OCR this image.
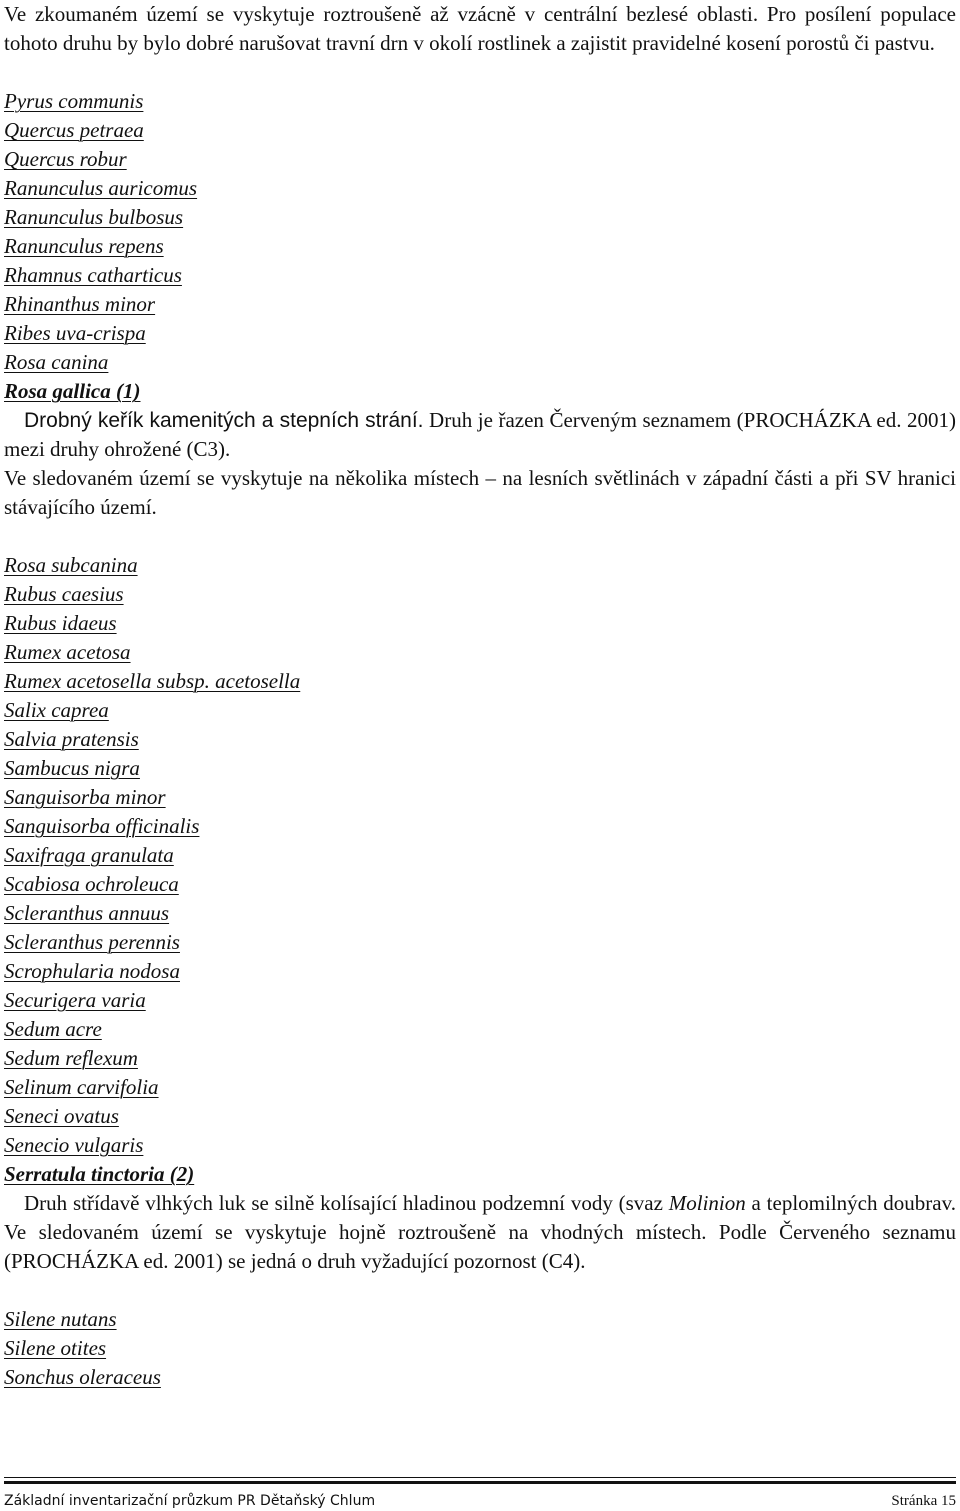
Ve zkoumaném území se vyskytuje roztroušeně až vzácně v centrální bezlesé oblasti. Pro posílení populace tohoto druhu by bylo dobré narušovat travní drn v okolí rostlinek a zajistit pravidelné kosení porostů či pastvu.

Pyrus communis
Quercus petraea
Quercus robur
Ranunculus auricomus
Ranunculus bulbosus
Ranunculus repens
Rhamnus catharticus
Rhinanthus minor
Ribes uva-crispa
Rosa canina
Rosa gallica (1)

Drobný keřík kamenitých a stepních strání. Druh je řazen Červeným seznamem (PROCHÁZKA ed. 2001) mezi druhy ohrožené (C3).

Ve sledovaném území se vyskytuje na několika místech – na lesních světlinách v západní části a při SV hranici stávajícího území.

Rosa subcanina
Rubus caesius
Rubus idaeus
Rumex acetosa
Rumex acetosella subsp. acetosella
Salix caprea
Salvia pratensis
Sambucus nigra
Sanguisorba minor
Sanguisorba officinalis
Saxifraga granulata
Scabiosa ochroleuca
Scleranthus annuus
Scleranthus perennis
Scrophularia nodosa
Securigera varia
Sedum acre
Sedum reflexum
Selinum carvifolia
Seneci ovatus
Senecio vulgaris
Serratula tinctoria (2)

Druh střídavě vlhkých luk se silně kolísající hladinou podzemní vody (svaz Molinion a teplomilných doubrav. Ve sledovaném území se vyskytuje hojně roztroušeně na vhodných místech. Podle Červeného seznamu (PROCHÁZKA ed. 2001) se jedná o druh vyžadující pozornost (C4).

Silene nutans
Silene otites
Sonchus oleraceus
Základní inventarizační průzkum PR Dětaňský Chlum	Stránka 15
